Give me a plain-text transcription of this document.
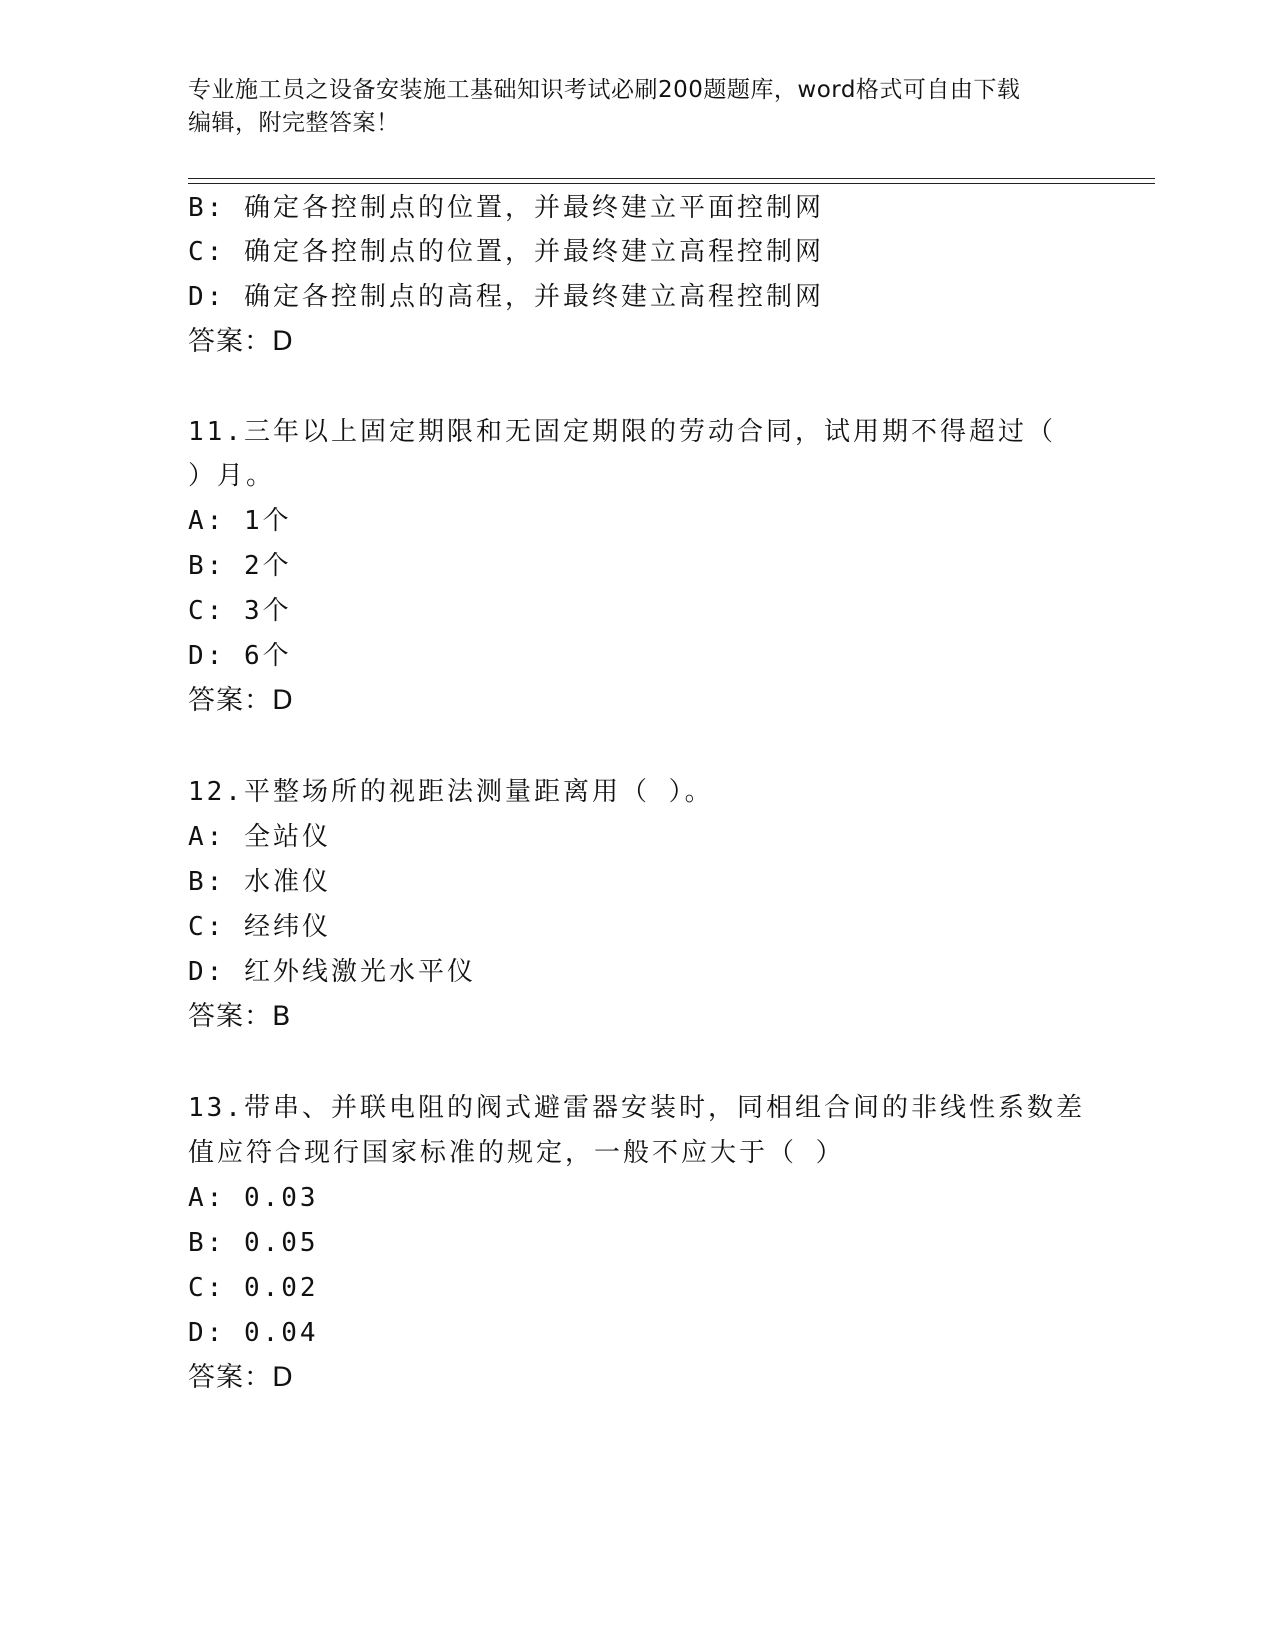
专业施工员之设备安装施工基础知识考试必刷200题题库，word格式可自由下载
编辑，附完整答案！
B: 确定各控制点的位置，并最终建立平面控制网
C: 确定各控制点的位置，并最终建立高程控制网
D: 确定各控制点的高程，并最终建立高程控制网
答案：D
11.三年以上固定期限和无固定期限的劳动合同，试用期不得超过（
）月。
A: 1个
B: 2个
C: 3个
D: 6个
答案：D
12.平整场所的视距法测量距离用（ ）。
A: 全站仪
B: 水准仪
C: 经纬仪
D: 红外线激光水平仪
答案：B
13.带串、并联电阻的阀式避雷器安装时，同相组合间的非线性系数差
值应符合现行国家标准的规定，一般不应大于（ ）
A: 0.03
B: 0.05
C: 0.02
D: 0.04
答案：D
